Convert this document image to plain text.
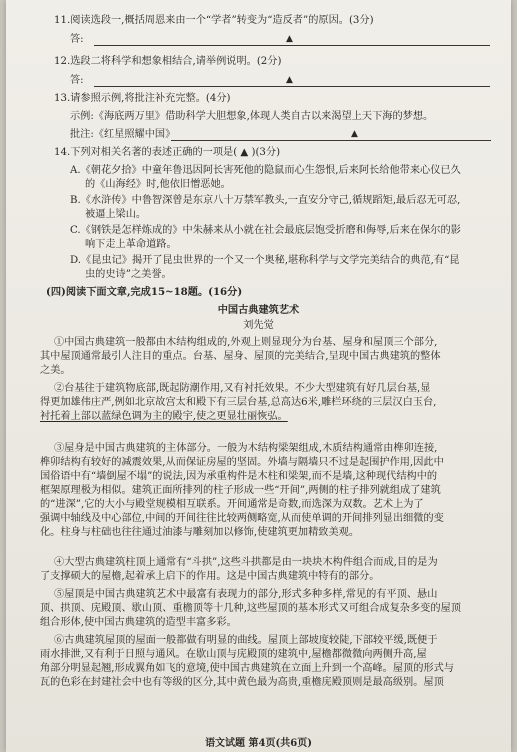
11.阅读选段一,概括周恩来由一个“学者”转变为“造反者”的原因。(3分)
答:	▲
12.选段二将科学和想象相结合,请举例说明。(2分)
答:	▲
13.请参照示例,将批注补充完整。(4分)
示例:《海底两万里》借助科学大胆想象,体现人类自古以来渴望上天下海的梦想。
批注:《红星照耀中国》	▲
14.下列对相关名著的表述正确的一项是( ▲ )(3分)
A.《朝花夕拾》中童年鲁迅因阿长害死他的隐鼠而心生怨恨,后来阿长给他带来心仪已久
的《山海经》时,他依旧憎恶她。
B.《水浒传》中鲁智深曾是东京八十万禁军教头,一直安分守己,循规蹈矩,最后忍无可忍,
被逼上梁山。
C.《钢铁是怎样炼成的》中朱赫来从小就在社会最底层饱受折磨和侮辱,后来在保尔的影
响下走上革命道路。
D.《昆虫记》揭开了昆虫世界的一个又一个奥秘,堪称科学与文学完美结合的典范,有“昆
虫的史诗”之美誉。
(四)阅读下面文章,完成15~18题。(16分)
中国古典建筑艺术
刘先觉
①中国古典建筑一般都由木结构组成的,外观上则显现分为台基、屋身和屋顶三个部分,
其中屋顶通常最引人注目的重点。台基、屋身、屋顶的完美结合,呈现中国古典建筑的整体
之美。
②台基往于建筑物底部,既起防潮作用,又有衬托效果。不少大型建筑有好几层台基,显
得更加雄伟庄严,例如北京故宫太和殿下有三层台基,总高达6米,雕栏环绕的三层汉白玉台,
衬托着上部以蓝绿色调为主的殿宇,使之更显壮丽恢弘。
③屋身是中国古典建筑的主体部分。一般为木结构梁架组成,木质结构通常由榫卯连接,
榫卯结构有较好的减震效果,从而保证房屋的坚固。外墙与隔墙只不过是起围护作用,因此中
国俗语中有“墙倒屋不塌”的说法,因为承重构件是木柱和梁架,而不是墙,这种现代结构中的
框架原理极为相似。建筑正面所排列的柱子形成一些“开间”,两侧的柱子排列就组成了建筑
的“进深”,它的大小与殿堂规模相互联系。开间通常是奇数,而选深为双数。艺术上为了
强调中轴线及中心部位,中间的开间往往比较两侧略宽,从而使单调的开间排列显出细微的变
化。柱身与柱础也往往通过油漆与雕刻加以修饰,使建筑更加精致美观。
④大型古典建筑柱顶上通常有“斗拱”,这些斗拱都是由一块块木构件组合而成,目的是为
了支撑硕大的屋檐,起着承上启下的作用。这是中国古典建筑中特有的部分。
⑤屋顶是中国古典建筑艺术中最富有表现力的部分,形式多种多样,常见的有平顶、悬山
顶、拱顶、庑殿顶、歇山顶、重檐顶等十几种,这些屋顶的基本形式又可组合成复杂多变的屋顶
组合形体,使中国古典建筑的造型丰富多彩。
⑥古典建筑屋顶的屋面一般都做有明显的曲线。屋顶上部坡度较陡,下部较平缓,既便于
雨水排泄,又有利于日照与通风。在歇山顶与庑殿顶的建筑中,屋檐都微微向两侧升高,屋
角部分明显起翘,形成翼角如飞的意境,使中国古典建筑在立面上升到一个高峰。屋顶的形式与
瓦的色彩在封建社会中也有等级的区分,其中黄色最为高贵,重檐庑殿顶则是最高级别。屋顶
语文试题 第4页(共6页)
